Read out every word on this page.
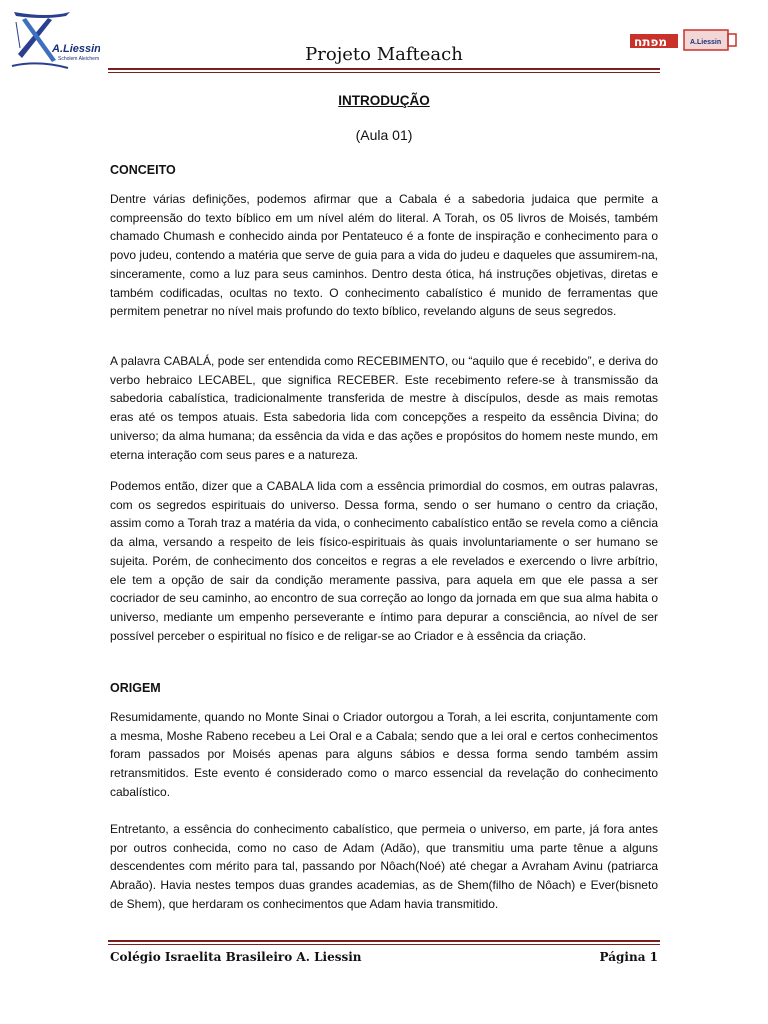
A.Liessin
Scholem Aleichem
מפתח	A.Liessin
Projeto Mafteach
INTRODUÇÃO
(Aula 01)
CONCEITO

Dentre várias definições, podemos afirmar que a Cabala é a sabedoria judaica que permite a compreensão do texto bíblico em um nível além do literal. A Torah, os 05 livros de Moisés, também chamado Chumash e conhecido ainda por Pentateuco é a fonte de inspiração e conhecimento para o povo judeu, contendo a matéria que serve de guia para a vida do judeu e daqueles que assumirem-na, sinceramente, como a luz para seus caminhos. Dentro desta ótica, há instruções objetivas, diretas e também codificadas, ocultas no texto. O conhecimento cabalístico é munido de ferramentas que permitem penetrar no nível mais profundo do texto bíblico, revelando alguns de seus segredos.

A palavra CABALÁ, pode ser entendida como RECEBIMENTO, ou “aquilo que é recebido”, e deriva do verbo hebraico LECABEL, que significa RECEBER. Este recebimento refere-se à transmissão da sabedoria cabalística, tradicionalmente transferida de mestre à discípulos, desde as mais remotas eras até os tempos atuais. Esta sabedoria lida com concepções a respeito da essência Divina; do universo; da alma humana; da essência da vida e das ações e propósitos do homem neste mundo, em eterna interação com seus pares e a natureza.

Podemos então, dizer que a CABALA lida com a essência primordial do cosmos, em outras palavras, com os segredos espirituais do universo. Dessa forma, sendo o ser humano o centro da criação, assim como a Torah traz a matéria da vida, o conhecimento cabalístico então se revela como a ciência da alma, versando a respeito de leis físico-espirituais às quais involuntariamente o ser humano se sujeita. Porém, de conhecimento dos conceitos e regras a ele revelados e exercendo o livre arbítrio, ele tem a opção de sair da condição meramente passiva, para aquela em que ele passa a ser cocriador de seu caminho, ao encontro de sua correção ao longo da jornada em que sua alma habita o universo, mediante um empenho perseverante e íntimo para depurar a consciência, ao nível de ser possível perceber o espiritual no físico e de religar-se ao Criador e à essência da criação.

ORIGEM

Resumidamente, quando no Monte Sinai o Criador outorgou a Torah, a lei escrita, conjuntamente com a mesma, Moshe Rabeno recebeu a Lei Oral e a Cabala; sendo que a lei oral e certos conhecimentos foram passados por Moisés apenas para alguns sábios e dessa forma sendo também assim retransmitidos. Este evento é considerado como o marco essencial da revelação do conhecimento cabalístico.

Entretanto, a essência do conhecimento cabalístico, que permeia o universo, em parte, já fora antes por outros conhecida, como no caso de Adam (Adão), que transmitiu uma parte tênue a alguns descendentes com mérito para tal, passando por Nôach(Noé) até chegar a Avraham Avinu (patriarca Abraão). Havia nestes tempos duas grandes academias, as de Shem(filho de Nôach) e Ever(bisneto de Shem), que herdaram os conhecimentos que Adam havia transmitido.

Colégio Israelita Brasileiro A. Liessin	Página 1
